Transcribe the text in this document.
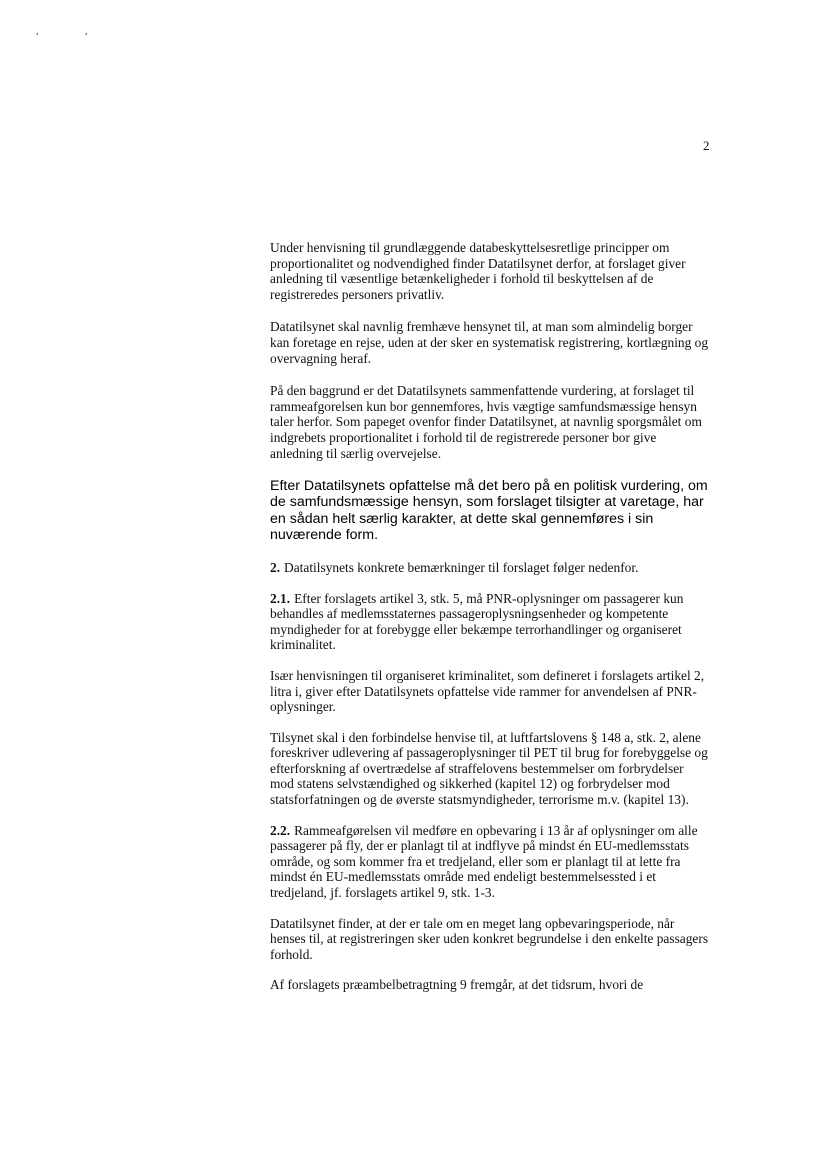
, ,
2

Under henvisning til grundlæggende databeskyttelsesretlige principper om proportionalitet og nodvendighed finder Datatilsynet derfor, at forslaget giver anledning til væsentlige betænkeligheder i forhold til beskyttelsen af de registreredes personers privatliv.

Datatilsynet skal navnlig fremhæve hensynet til, at man som almindelig borger kan foretage en rejse, uden at der sker en systematisk registrering, kortlægning og overvagning heraf.

På den baggrund er det Datatilsynets sammenfattende vurdering, at forslaget til rammeafgorelsen kun bor gennemfores, hvis vægtige samfundsmæssige hensyn taler herfor. Som papeget ovenfor finder Datatilsynet, at navnlig sporgsmålet om indgrebets proportionalitet i forhold til de registrerede personer bor give anledning til særlig overvejelse.

Efter Datatilsynets opfattelse må det bero på en politisk vurdering, om de samfundsmæssige hensyn, som forslaget tilsigter at varetage, har en sådan helt særlig karakter, at dette skal gennemføres i sin nuværende form.

2. Datatilsynets konkrete bemærkninger til forslaget følger nedenfor.

2.1. Efter forslagets artikel 3, stk. 5, må PNR-oplysninger om passagerer kun behandles af medlemsstaternes passageroplysningsenheder og kompetente myndigheder for at forebygge eller bekæmpe terrorhandlinger og organiseret kriminalitet.

Især henvisningen til organiseret kriminalitet, som defineret i forslagets artikel 2, litra i, giver efter Datatilsynets opfattelse vide rammer for anvendelsen af PNR-oplysninger.

Tilsynet skal i den forbindelse henvise til, at luftfartslovens § 148 a, stk. 2, alene foreskriver udlevering af passageroplysninger til PET til brug for forebyggelse og efterforskning af overtrædelse af straffelovens bestemmelser om forbrydelser mod statens selvstændighed og sikkerhed (kapitel 12) og forbrydelser mod statsforfatningen og de øverste statsmyndigheder, terrorisme m.v. (kapitel 13).

2.2. Rammeafgørelsen vil medføre en opbevaring i 13 år af oplysninger om alle passagerer på fly, der er planlagt til at indflyve på mindst én EU-medlemsstats område, og som kommer fra et tredjeland, eller som er planlagt til at lette fra mindst én EU-medlemsstats område med endeligt bestemmelsessted i et tredjeland, jf. forslagets artikel 9, stk. 1-3.

Datatilsynet finder, at der er tale om en meget lang opbevaringsperiode, når henses til, at registreringen sker uden konkret begrundelse i den enkelte passagers forhold.

Af forslagets præambelbetragtning 9 fremgår, at det tidsrum, hvori de
